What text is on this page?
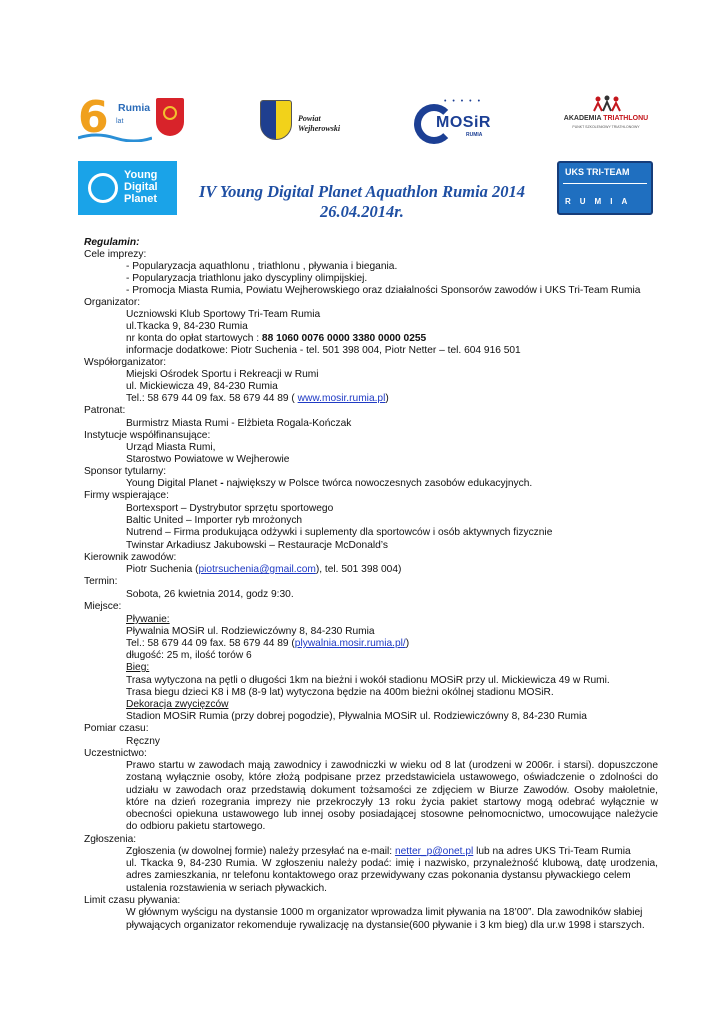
6 Rumia
lat	Powiat
Wejherowski
• • • • •
MOSiR
RUMIA
AKADEMIA TRIATHLONU
PUNKT SZKOLENIOWY TRIATHLONOWY
Young
Digital
Planet
UKS TRI-TEAM
RUMIA
IV Young Digital Planet Aquathlon Rumia 2014
26.04.2014r.
Regulamin:
Cele imprezy:
- Popularyzacja aquathlonu , triathlonu , pływania i biegania.
- Popularyzacja triathlonu jako dyscypliny olimpijskiej.
- Promocja Miasta Rumia, Powiatu Wejherowskiego oraz działalności Sponsorów zawodów i UKS Tri-Team Rumia
Organizator:
Uczniowski Klub Sportowy Tri-Team Rumia
ul.Tkacka 9, 84-230 Rumia
nr konta do opłat startowych : 88 1060 0076 0000 3380 0000 0255
informacje dodatkowe: Piotr Suchenia - tel. 501 398 004, Piotr Netter – tel. 604 916 501
Współorganizator:
Miejski Ośrodek Sportu i Rekreacji w Rumi
ul. Mickiewicza 49, 84-230 Rumia
Tel.: 58 679 44 09 fax. 58 679 44 89 ( www.mosir.rumia.pl)
Patronat:
Burmistrz Miasta Rumi - Elżbieta Rogala-Kończak
Instytucje współfinansujące:
Urząd Miasta Rumi,
Starostwo Powiatowe w Wejherowie
Sponsor tytularny:
Young Digital Planet - największy w Polsce twórca nowoczesnych zasobów edukacyjnych.
Firmy wspierające:
Bortexsport – Dystrybutor sprzętu sportowego
Baltic United – Importer ryb mrożonych
Nutrend – Firma produkująca odżywki i suplementy dla sportowców i osób aktywnych fizycznie
Twinstar Arkadiusz Jakubowski – Restauracje McDonald’s
Kierownik zawodów:
Piotr Suchenia (piotrsuchenia@gmail.com), tel. 501 398 004)
Termin:
Sobota, 26 kwietnia 2014, godz 9:30.
Miejsce:
Pływanie:
Pływalnia MOSiR ul. Rodziewiczówny 8, 84-230 Rumia
Tel.: 58 679 44 09 fax. 58 679 44 89 (plywalnia.mosir.rumia.pl/)
długość: 25 m, ilość torów 6
Bieg:
Trasa wytyczona na pętli o długości 1km na bieżni i wokół stadionu MOSiR przy ul. Mickiewicza 49 w Rumi.
Trasa biegu dzieci K8 i M8 (8-9 lat) wytyczona będzie na 400m bieżni okólnej stadionu MOSiR.
Dekoracja zwycięzców
Stadion MOSiR Rumia (przy dobrej pogodzie), Pływalnia MOSiR ul. Rodziewiczówny 8, 84-230 Rumia
Pomiar czasu:
Ręczny
Uczestnictwo:
Prawo startu w zawodach mają zawodnicy i zawodniczki w wieku od 8 lat (urodzeni w 2006r. i starsi). dopuszczone
zostaną wyłącznie osoby, które złożą podpisane przez przedstawiciela ustawowego, oświadczenie o zdolności do
udziału w zawodach oraz przedstawią dokument tożsamości ze zdjęciem w Biurze Zawodów. Osoby małoletnie,
które na dzień rozegrania imprezy nie przekroczyły 13 roku życia pakiet startowy mogą odebrać wyłącznie w
obecności opiekuna ustawowego lub innej osoby posiadającej stosowne pełnomocnictwo, umocowujące należycie
do odbioru pakietu startowego.
Zgłoszenia:
Zgłoszenia (w dowolnej formie) należy przesyłać na e-mail: netter_p@onet.pl lub na adres UKS Tri-Team Rumia
ul. Tkacka 9, 84-230 Rumia. W zgłoszeniu należy podać: imię i nazwisko, przynależność klubową, datę urodzenia,
adres zamieszkania, nr telefonu kontaktowego oraz przewidywany czas pokonania dystansu pływackiego celem
ustalenia rozstawienia w seriach pływackich.
Limit czasu pływania:
W głównym wyścigu na dystansie 1000 m organizator wprowadza limit pływania na 18’00”. Dla zawodników słabiej
pływających organizator rekomenduje rywalizację na dystansie(600 pływanie i 3 km bieg) dla ur.w 1998 i starszych.
